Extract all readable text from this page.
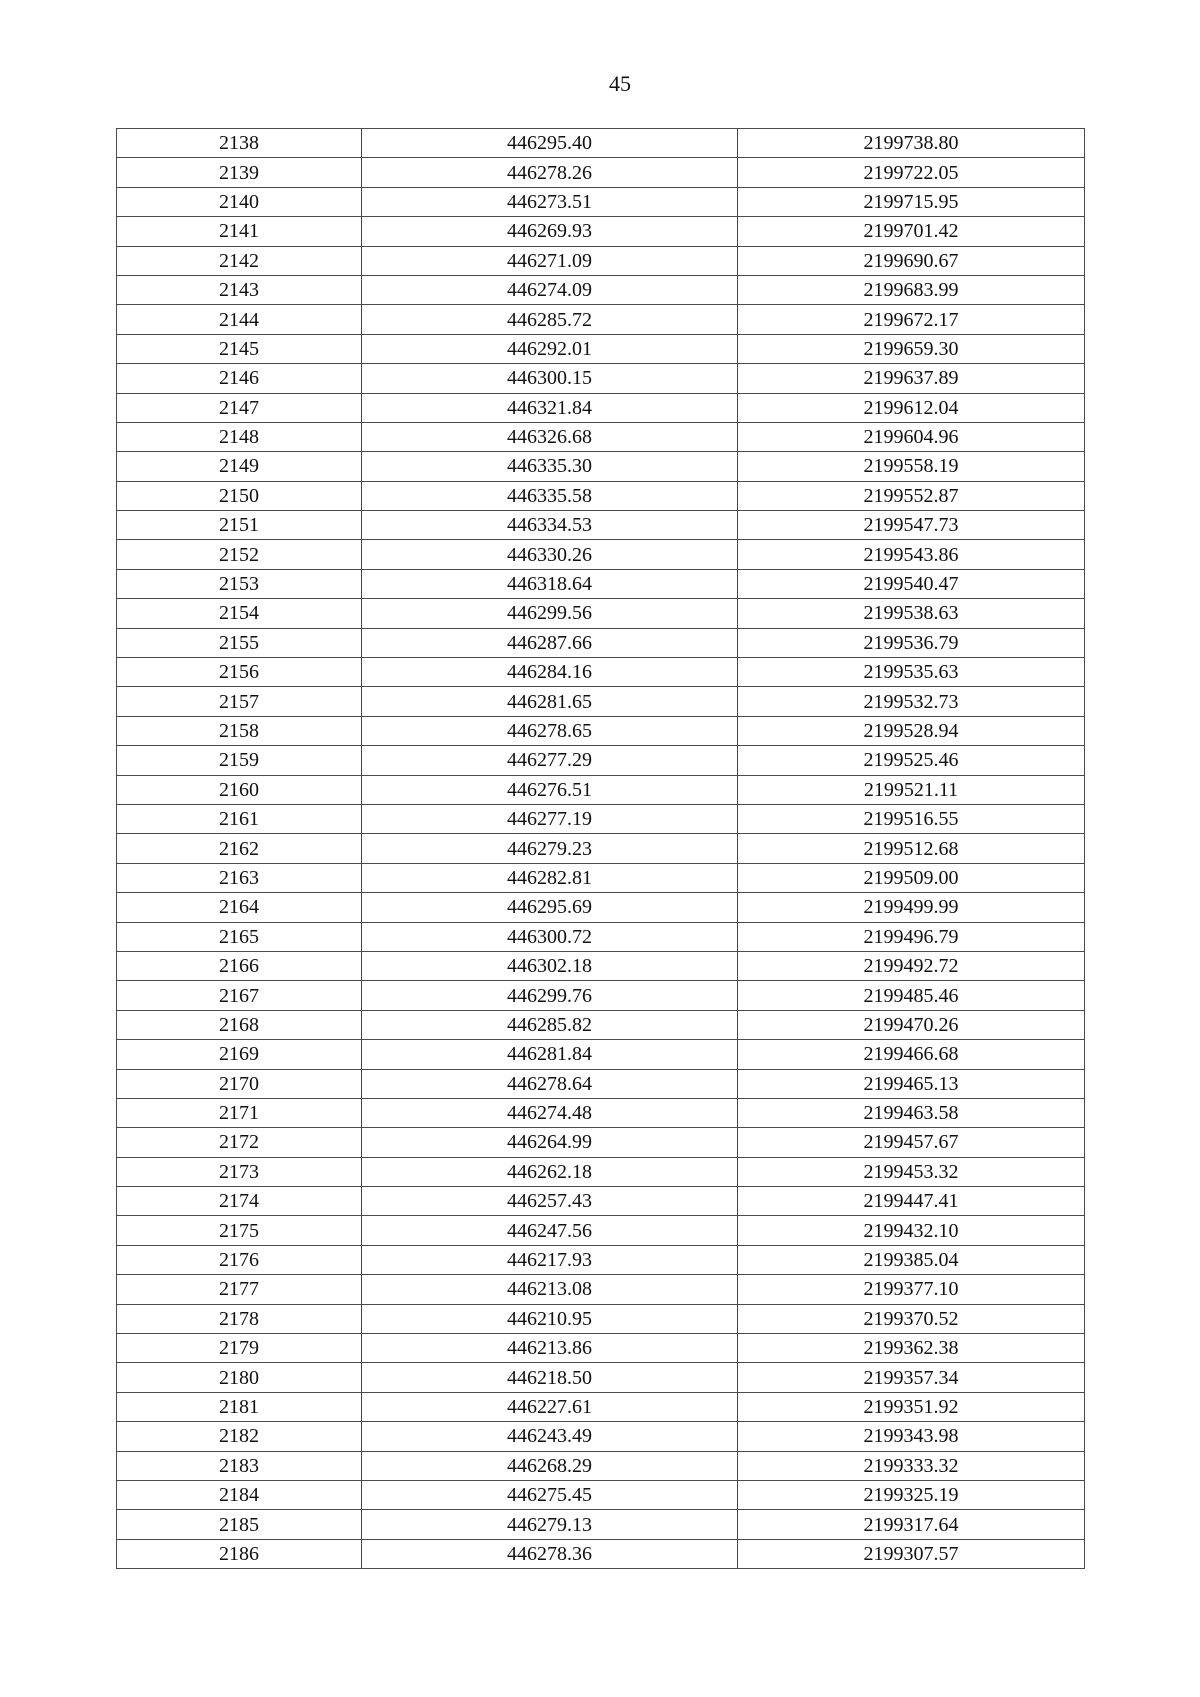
45
2138	446295.40	2199738.80
2139	446278.26	2199722.05
2140	446273.51	2199715.95
2141	446269.93	2199701.42
2142	446271.09	2199690.67
2143	446274.09	2199683.99
2144	446285.72	2199672.17
2145	446292.01	2199659.30
2146	446300.15	2199637.89
2147	446321.84	2199612.04
2148	446326.68	2199604.96
2149	446335.30	2199558.19
2150	446335.58	2199552.87
2151	446334.53	2199547.73
2152	446330.26	2199543.86
2153	446318.64	2199540.47
2154	446299.56	2199538.63
2155	446287.66	2199536.79
2156	446284.16	2199535.63
2157	446281.65	2199532.73
2158	446278.65	2199528.94
2159	446277.29	2199525.46
2160	446276.51	2199521.11
2161	446277.19	2199516.55
2162	446279.23	2199512.68
2163	446282.81	2199509.00
2164	446295.69	2199499.99
2165	446300.72	2199496.79
2166	446302.18	2199492.72
2167	446299.76	2199485.46
2168	446285.82	2199470.26
2169	446281.84	2199466.68
2170	446278.64	2199465.13
2171	446274.48	2199463.58
2172	446264.99	2199457.67
2173	446262.18	2199453.32
2174	446257.43	2199447.41
2175	446247.56	2199432.10
2176	446217.93	2199385.04
2177	446213.08	2199377.10
2178	446210.95	2199370.52
2179	446213.86	2199362.38
2180	446218.50	2199357.34
2181	446227.61	2199351.92
2182	446243.49	2199343.98
2183	446268.29	2199333.32
2184	446275.45	2199325.19
2185	446279.13	2199317.64
2186	446278.36	2199307.57
